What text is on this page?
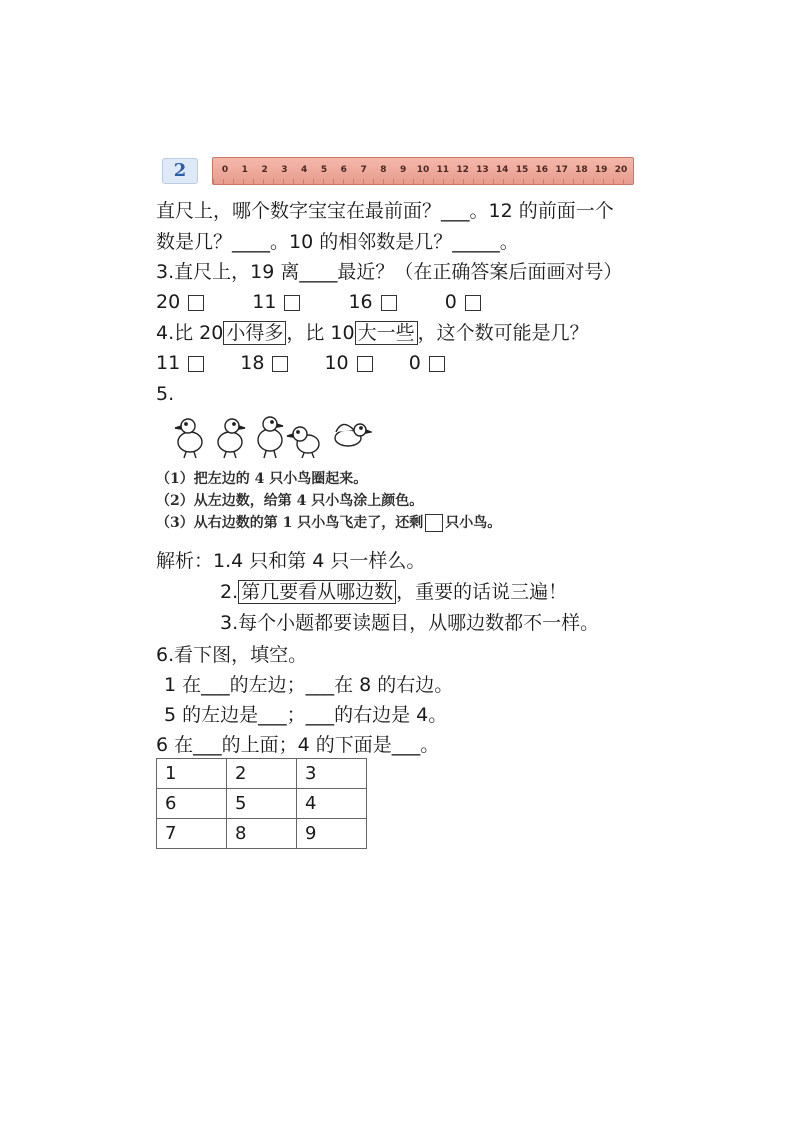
2	0 1 2 3 4 5 6 7 8 9 10 11 12 13 14 15 16 17 18 19 20
直尺上，哪个数字宝宝在最前面？___。12 的前面一个
数是几？____。10 的相邻数是几？_____。
3.直尺上，19 离____最近？（在正确答案后面画对号）
20	11	16	0
4.比 20 小得多 ，比 10 大一些 ，这个数可能是几？
11	18	10	0
5.
（1）把左边的 4 只小鸟圈起来。
（2）从左边数，给第 4 只小鸟涂上颜色。
（3）从右边数的第 1 只小鸟飞走了，还剩 只小鸟。
解析：1.4 只和第 4 只一样么。
2. 第几要看从哪边数 ，重要的话说三遍！
3.每个小题都要读题目，从哪边数都不一样。
6.看下图，填空。
1 在___的左边；___在 8 的右边。
5 的左边是___；___的右边是 4。
6 在___的上面；4 的下面是___。
1	2	3
6	5	4
7	8	9
